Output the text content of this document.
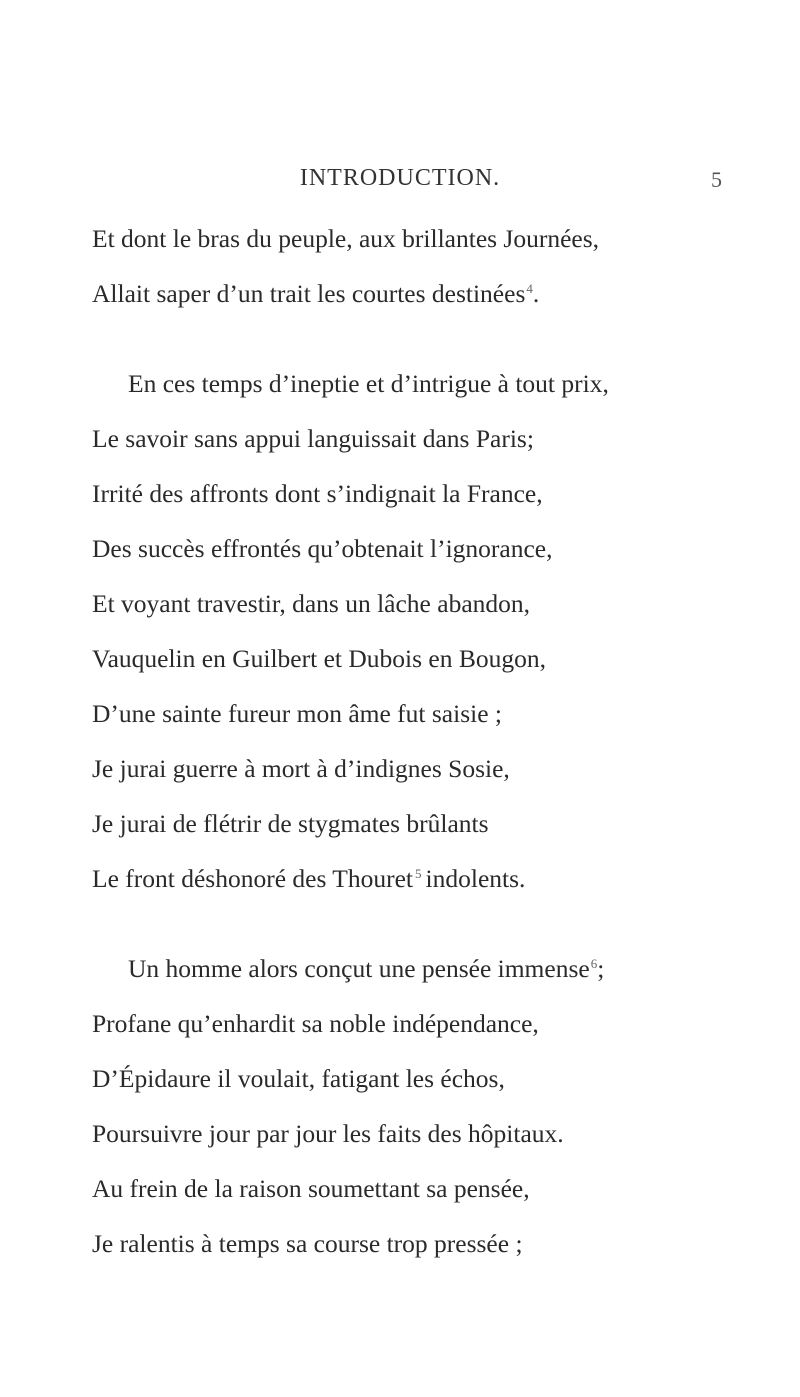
INTRODUCTION.	5
Et dont le bras du peuple, aux brillantes Journées,
Allait saper d’un trait les courtes destinées$^4$.
En ces temps d’ineptie et d’intrigue à tout prix,
Le savoir sans appui languissait dans Paris;
Irrité des affronts dont s’indignait la France,
Des succès effrontés qu’obtenait l’ignorance,
Et voyant travestir, dans un lâche abandon,
Vauquelin en Guilbert et Dubois en Bougon,
D’une sainte fureur mon âme fut saisie ;
Je jurai guerre à mort à d’indignes Sosie,
Je jurai de flétrir de stygmates brûlants
Le front déshonoré des Thouret $^5$ indolents.
Un homme alors conçut une pensée immense$^6$;
Profane qu’enhardit sa noble indépendance,
D’Épidaure il voulait, fatigant les échos,
Poursuivre jour par jour les faits des hôpitaux.
Au frein de la raison soumettant sa pensée,
Je ralentis à temps sa course trop pressée ;
